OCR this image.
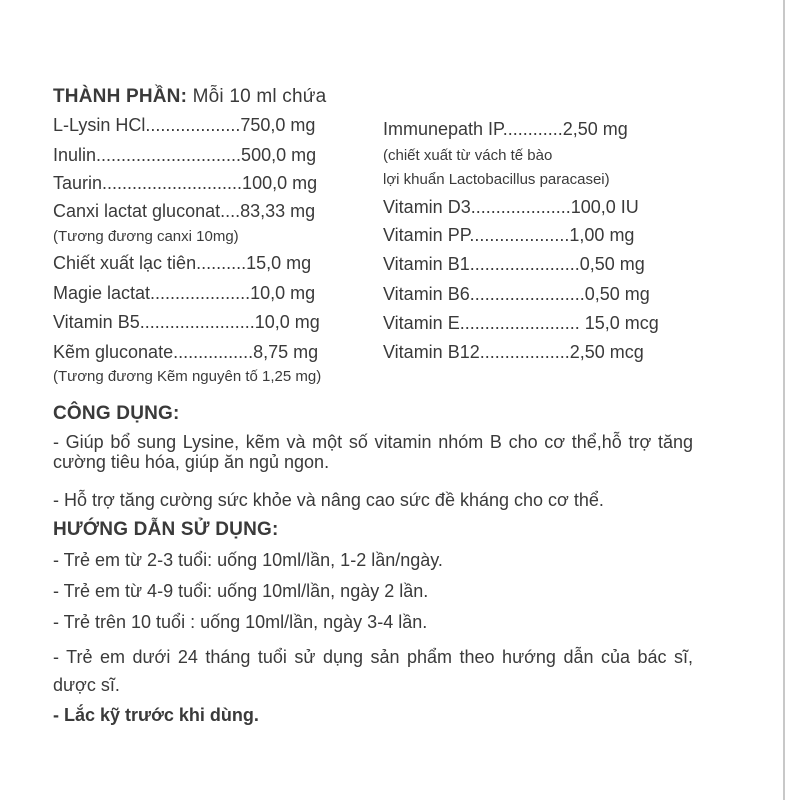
THÀNH PHẦN: Mỗi 10 ml chứa
L-Lysin HCl...................750,0 mg
Inulin.............................500,0 mg
Taurin............................100,0 mg
Canxi lactat gluconat....83,33 mg
(Tương đương canxi 10mg)
Chiết xuất lạc tiên..........15,0 mg
Magie lactat....................10,0 mg
Vitamin B5.......................10,0 mg
Kẽm gluconate................8,75 mg
(Tương đương Kẽm nguyên tố 1,25 mg)
Immunepath IP............2,50 mg
(chiết xuất từ vách tế bào
lợi khuẩn Lactobacillus paracasei)
Vitamin D3....................100,0 IU
Vitamin PP....................1,00 mg
Vitamin B1......................0,50 mg
Vitamin B6.......................0,50 mg
Vitamin E........................ 15,0 mcg
Vitamin B12..................2,50 mcg
CÔNG DỤNG:
- Giúp bổ sung Lysine, kẽm và một số vitamin nhóm B cho cơ thể,hỗ trợ tăng cường tiêu hóa, giúp ăn ngủ ngon.
- Hỗ trợ tăng cường sức khỏe và nâng cao sức đề kháng cho cơ thể.
HƯỚNG DẪN SỬ DỤNG:
- Trẻ em từ 2-3 tuổi: uống 10ml/lần, 1-2 lần/ngày.
- Trẻ em từ 4-9 tuổi: uống 10ml/lần, ngày 2 lần.
- Trẻ trên 10 tuổi : uống 10ml/lần, ngày 3-4 lần.
- Trẻ em dưới 24 tháng tuổi sử dụng sản phẩm theo hướng dẫn của bác sĩ, dược sĩ.
- Lắc kỹ trước khi dùng.
